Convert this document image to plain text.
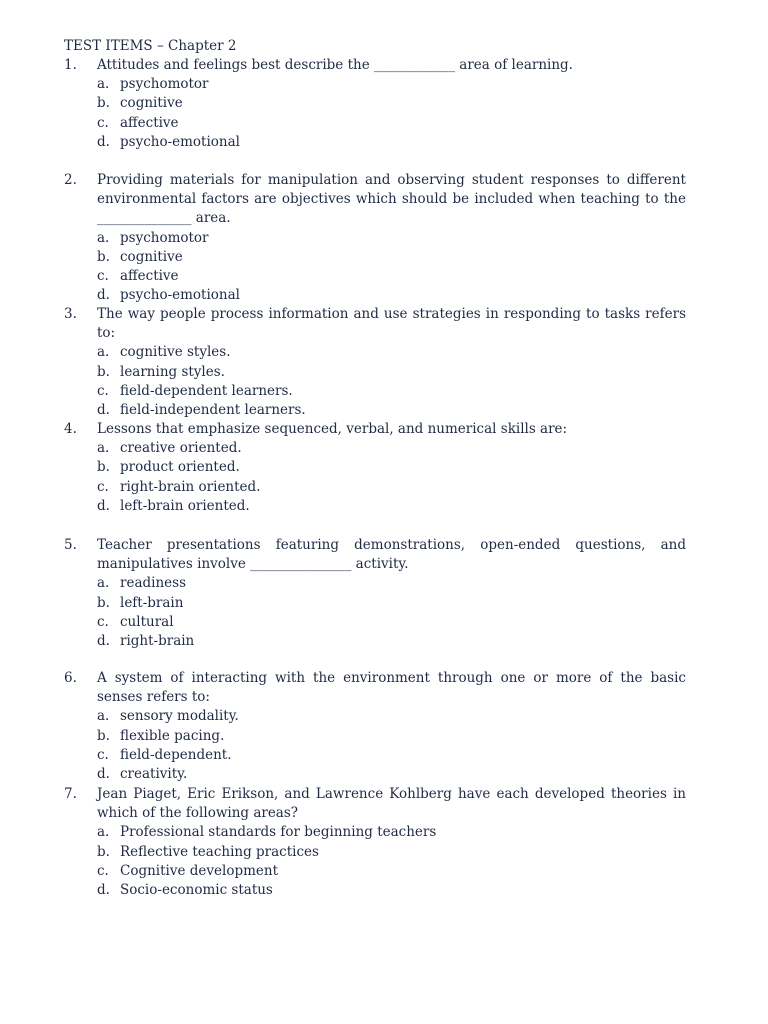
TEST ITEMS – Chapter 2
1.	Attitudes and feelings best describe the ____________ area of learning.
a. psychomotor
b. cognitive
c. affective
d. psycho-emotional
2.	Providing materials for manipulation and observing student responses to different environmental factors are objectives which should be included when teaching to the ______________ area.
a. psychomotor
b. cognitive
c. affective
d. psycho-emotional
3.	The way people process information and use strategies in responding to tasks refers to:
a. cognitive styles.
b. learning styles.
c. field-dependent learners.
d. field-independent learners.
4.	Lessons that emphasize sequenced, verbal, and numerical skills are:
a. creative oriented.
b. product oriented.
c. right-brain oriented.
d. left-brain oriented.
5.	Teacher presentations featuring demonstrations, open-ended questions, and manipulatives involve _______________ activity.
a. readiness
b. left-brain
c. cultural
d. right-brain
6.	A system of interacting with the environment through one or more of the basic senses refers to:
a. sensory modality.
b. flexible pacing.
c. field-dependent.
d. creativity.
7.	Jean Piaget, Eric Erikson, and Lawrence Kohlberg have each developed theories in which of the following areas?
a. Professional standards for beginning teachers
b. Reflective teaching practices
c. Cognitive development
d. Socio-economic status
